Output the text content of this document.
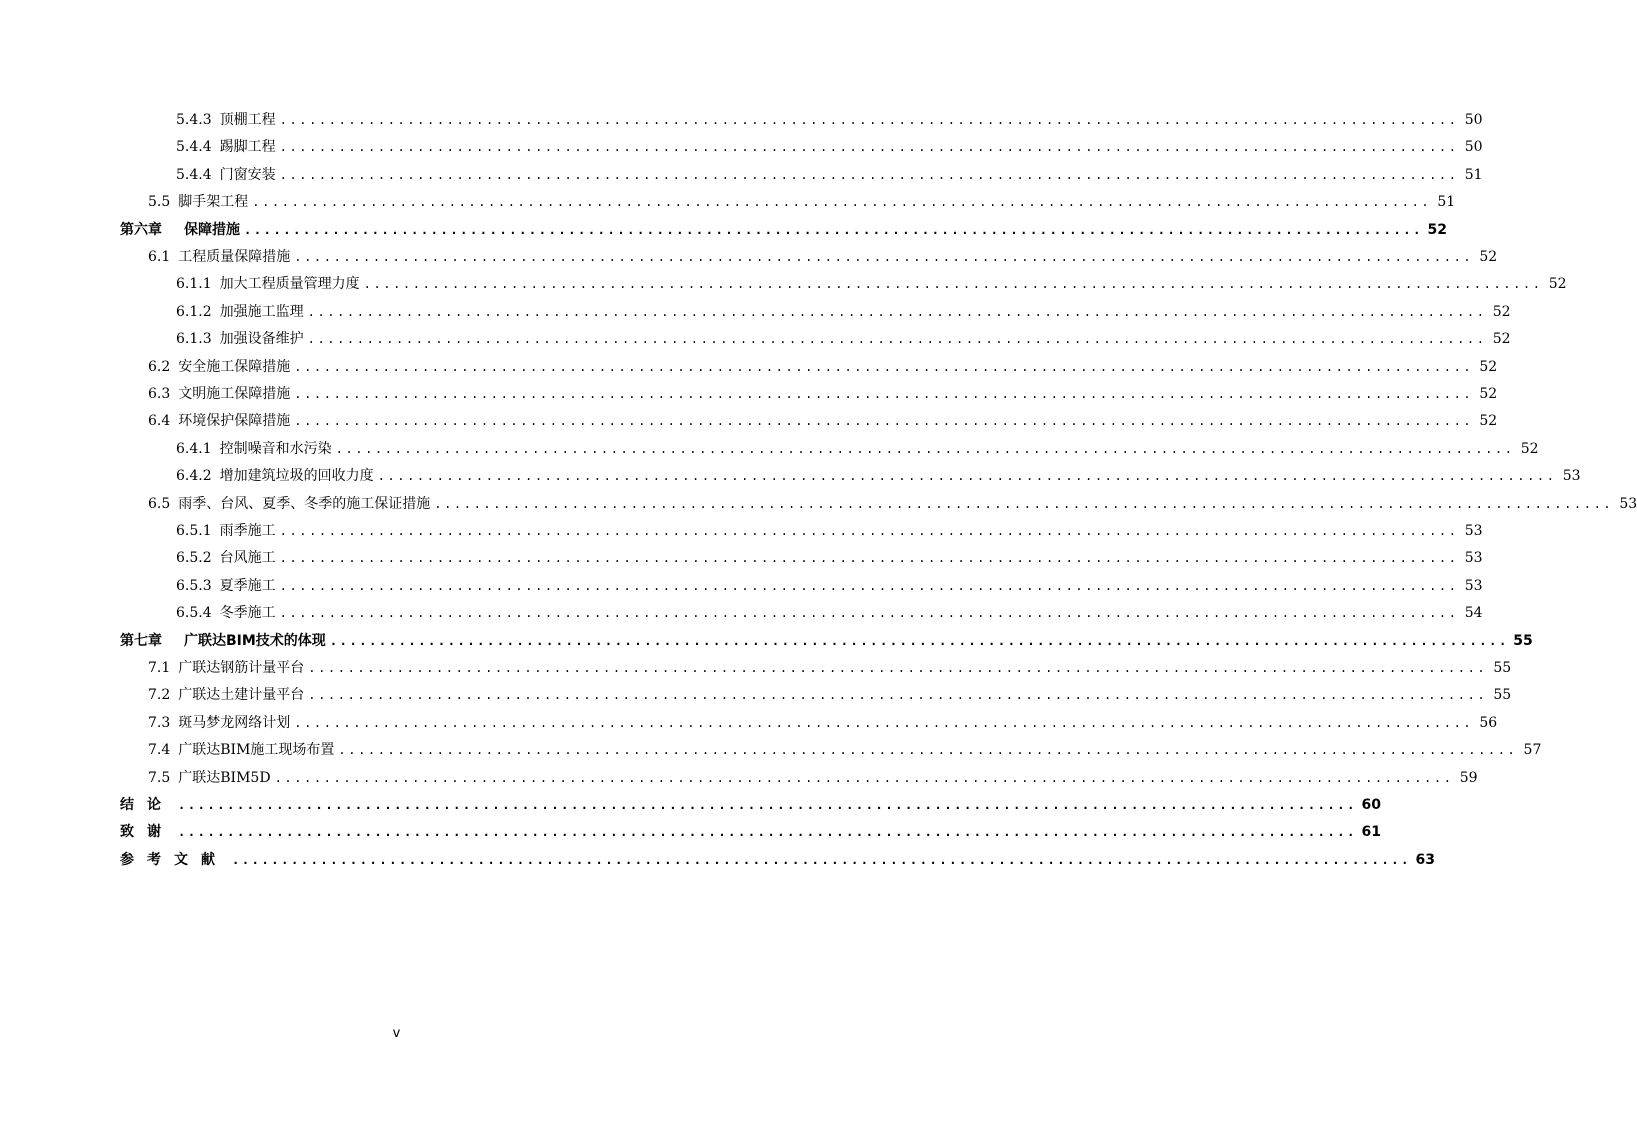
5.4.3 顶棚工程 ........................................................................................................................ 50
5.4.4 踢脚工程 ........................................................................................................................ 50
5.4.4 门窗安装 ........................................................................................................................ 51
5.5 脚手架工程 ........................................................................................................................ 51
第六章 保障措施 ........................................................................................................................ 52
6.1 工程质量保障措施 ........................................................................................................................ 52
6.1.1 加大工程质量管理力度 ........................................................................................................................ 52
6.1.2 加强施工监理 ........................................................................................................................ 52
6.1.3 加强设备维护 ........................................................................................................................ 52
6.2 安全施工保障措施 ........................................................................................................................ 52
6.3 文明施工保障措施 ........................................................................................................................ 52
6.4 环境保护保障措施 ........................................................................................................................ 52
6.4.1 控制噪音和水污染 ........................................................................................................................ 52
6.4.2 增加建筑垃圾的回收力度 ........................................................................................................................ 53
6.5 雨季、台风、夏季、冬季的施工保证措施 ........................................................................................................................ 53
6.5.1 雨季施工 ........................................................................................................................ 53
6.5.2 台风施工 ........................................................................................................................ 53
6.5.3 夏季施工 ........................................................................................................................ 53
6.5.4 冬季施工 ........................................................................................................................ 54
第七章 广联达BIM技术的体现 ........................................................................................................................ 55
7.1 广联达钢筋计量平台 ........................................................................................................................ 55
7.2 广联达土建计量平台 ........................................................................................................................ 55
7.3 斑马梦龙网络计划 ........................................................................................................................ 56
7.4 广联达BIM施工现场布置 ........................................................................................................................ 57
7.5 广联达BIM5D ........................................................................................................................ 59
结论 ........................................................................................................................ 60
致谢 ........................................................................................................................ 61
参考文献 ........................................................................................................................ 63
v
